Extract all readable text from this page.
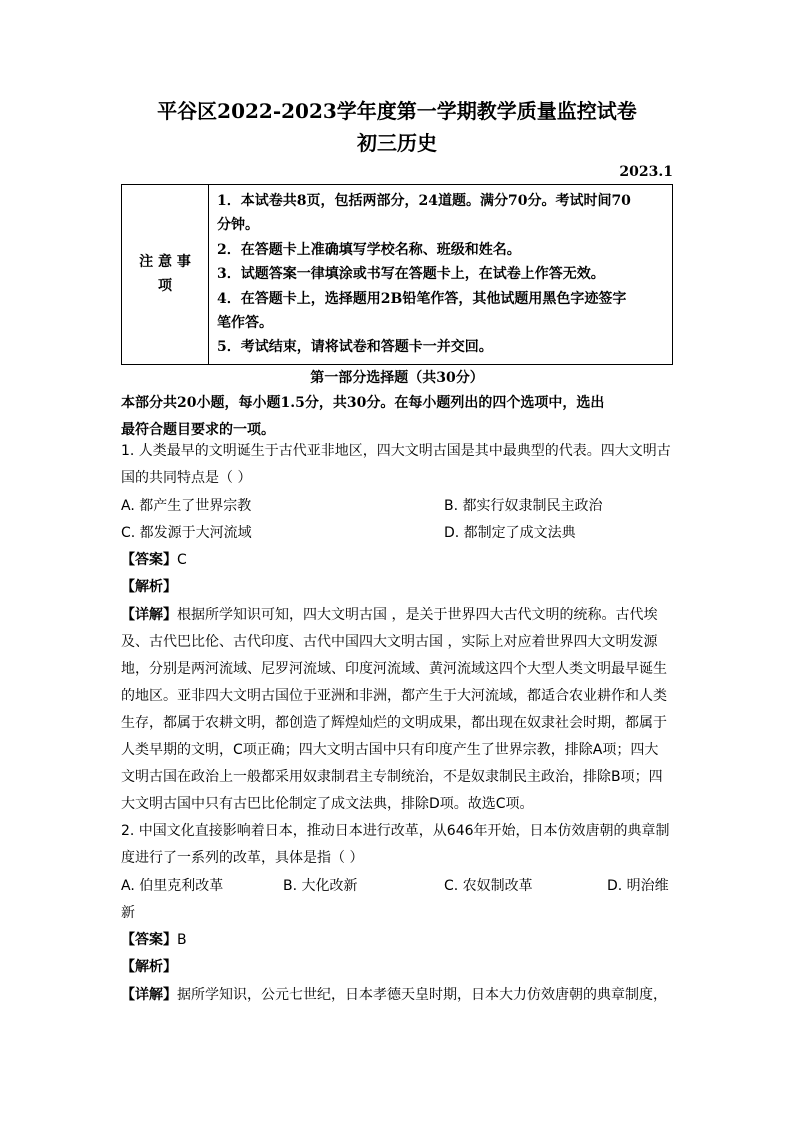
平谷区2022-2023学年度第一学期教学质量监控试卷
初三历史
2023.1
注 意 事
项

1．本试卷共8页，包括两部分，24道题。满分70分。考试时间70
分钟。
2．在答题卡上准确填写学校名称、班级和姓名。
3．试题答案一律填涂或书写在答题卡上，在试卷上作答无效。
4．在答题卡上，选择题用2B铅笔作答，其他试题用黑色字迹签字
笔作答。
5．考试结束，请将试卷和答题卡一并交回。
第一部分选择题（共30分）
本部分共20小题，每小题1.5分，共30分。在每小题列出的四个选项中，选出
最符合题目要求的一项。
1. 人类最早的文明诞生于古代亚非地区，四大文明古国是其中最典型的代表。四大文明古
国的共同特点是（ ）
A. 都产生了世界宗教	B. 都实行奴隶制民主政治
C. 都发源于大河流域	D. 都制定了成文法典
【答案】C
【解析】
【详解】根据所学知识可知，四大文明古国 ，是关于世界四大古代文明的统称。古代埃
及、古代巴比伦、古代印度、古代中国四大文明古国 ，实际上对应着世界四大文明发源
地，分别是两河流域、尼罗河流域、印度河流域、黄河流域这四个大型人类文明最早诞生
的地区。亚非四大文明古国位于亚洲和非洲，都产生于大河流域，都适合农业耕作和人类
生存，都属于农耕文明，都创造了辉煌灿烂的文明成果，都出现在奴隶社会时期，都属于
人类早期的文明，C项正确；四大文明古国中只有印度产生了世界宗教，排除A项；四大
文明古国在政治上一般都采用奴隶制君主专制统治，不是奴隶制民主政治，排除B项；四
大文明古国中只有古巴比伦制定了成文法典，排除D项。故选C项。
2. 中国文化直接影响着日本，推动日本进行改革，从646年开始，日本仿效唐朝的典章制
度进行了一系列的改革，具体是指（ ）
A. 伯里克利改革	B. 大化改新	C. 农奴制改革	D. 明治维
新
【答案】B
【解析】
【详解】据所学知识，公元七世纪，日本孝德天皇时期，日本大力仿效唐朝的典章制度，
